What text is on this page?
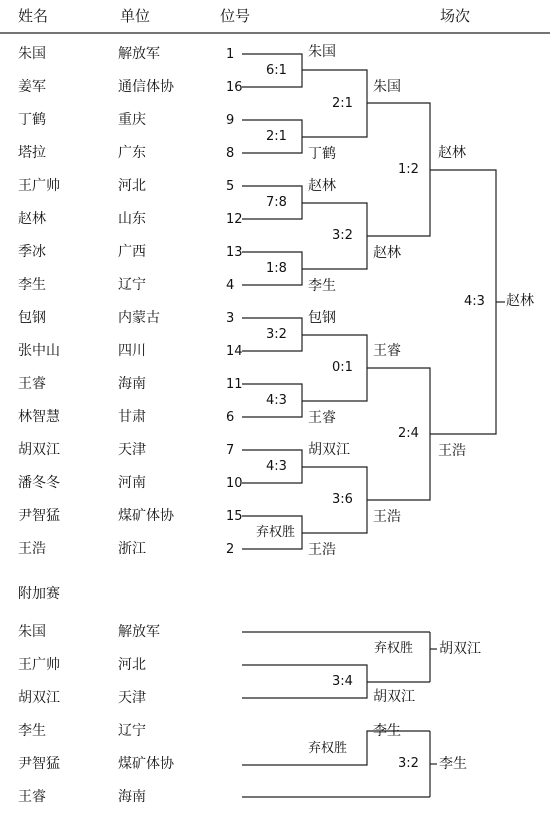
姓名	单位	位号	场次
朱国	解放军	1
姜军	通信体协	16
丁鹤	重庆	9
塔拉	广东	8
王广帅	河北	5
赵林	山东	12
季冰	广西	13
李生	辽宁	4
包钢	内蒙古	3
张中山	四川	14
王睿	海南	11
林智慧	甘肃	6
胡双江	天津	7
潘冬冬	河南	10
尹智猛	煤矿体协	15
王浩	浙江	2
6:1
朱国
2:1
丁鹤
7:8
赵林
1:8
李生
3:2
包钢
4:3
王睿
4:3
胡双江
弃权胜
王浩
2:1
朱国
3:2
赵林
0:1
王睿
3:6
王浩
1:2
赵林
2:4
王浩
4:3 赵林
附加赛
朱国	解放军
王广帅	河北
胡双江	天津
李生	辽宁
尹智猛	煤矿体协
王睿	海南
3:4
胡双江
弃权胜 胡双江
弃权胜
李生
3:2 李生
